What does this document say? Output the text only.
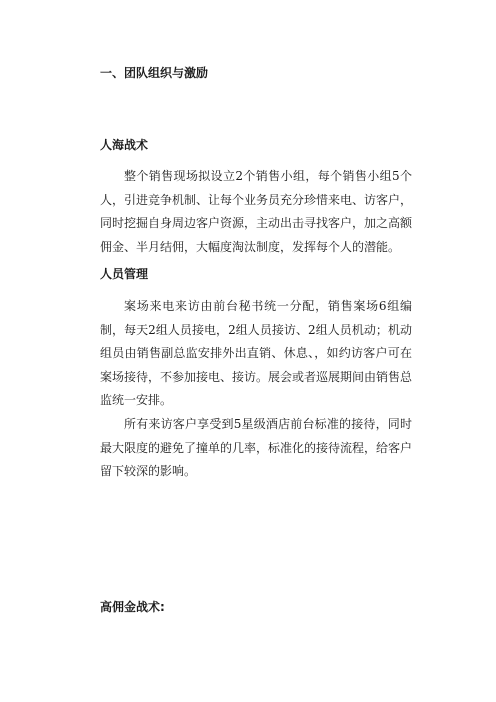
一、团队组织与激励
人海战术

整个销售现场拟设立2个销售小组，每个销售小组5个人，引进竞争机制、让每个业务员充分珍惜来电、访客户，同时挖掘自身周边客户资源，主动出击寻找客户，加之高额佣金、半月结佣，大幅度淘汰制度，发挥每个人的潜能。

人员管理

案场来电来访由前台秘书统一分配，销售案场6组编制，每天2组人员接电，2组人员接访、2组人员机动；机动组员由销售副总监安排外出直销、休息、，如约访客户可在案场接待，不参加接电、接访。展会或者巡展期间由销售总监统一安排。

所有来访客户享受到5星级酒店前台标准的接待，同时最大限度的避免了撞单的几率，标准化的接待流程，给客户留下较深的影响。

高佣金战术:
